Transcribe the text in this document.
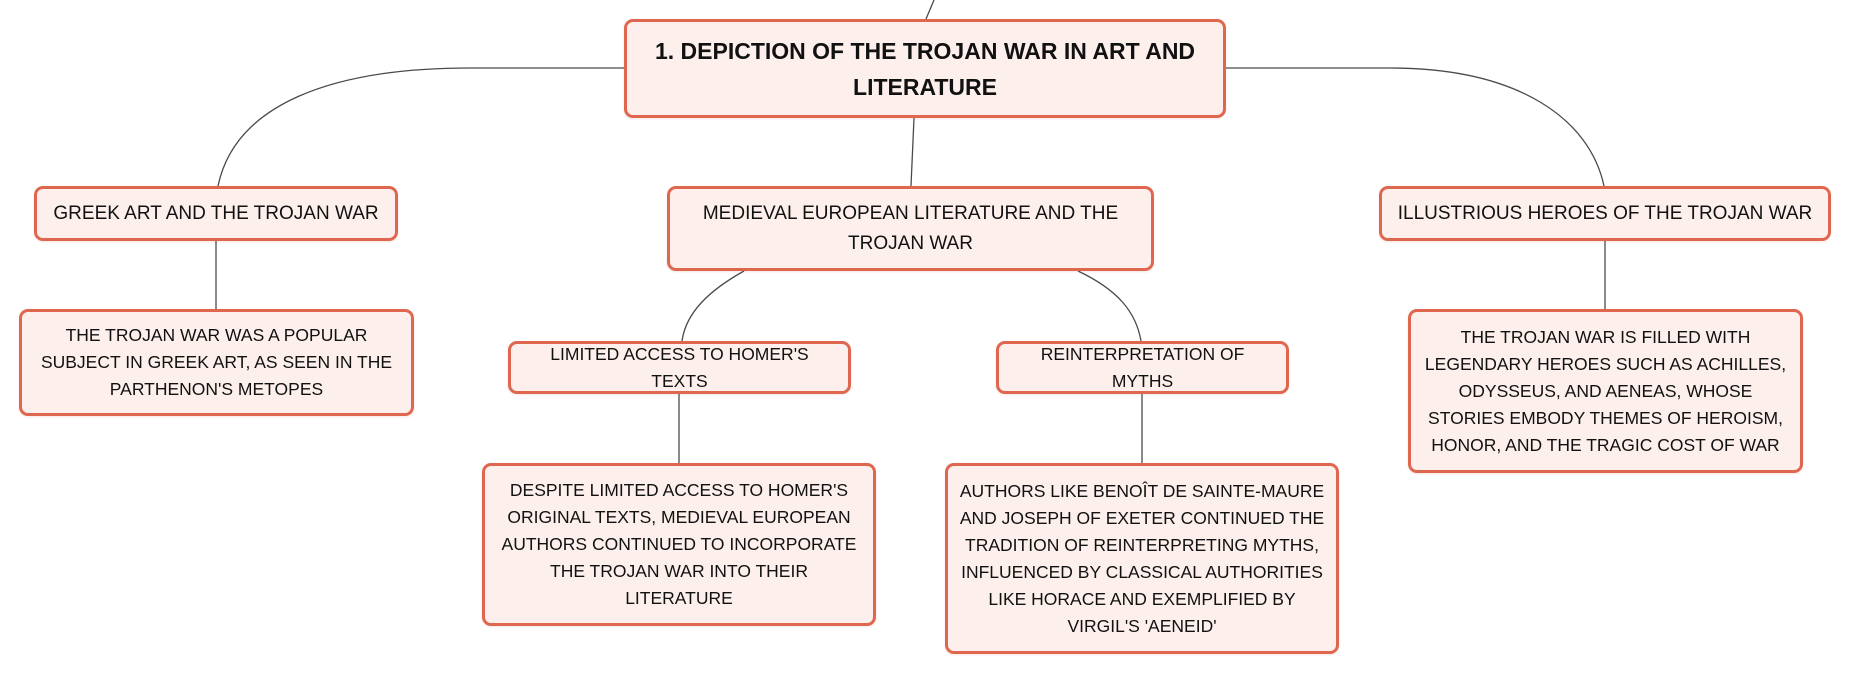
1. DEPICTION OF THE TROJAN WAR IN ART AND LITERATURE
GREEK ART AND THE TROJAN WAR	MEDIEVAL EUROPEAN LITERATURE AND THE TROJAN WAR
ILLUSTRIOUS HEROES OF THE TROJAN WAR
THE TROJAN WAR WAS A POPULAR SUBJECT IN GREEK ART, AS SEEN IN THE PARTHENON'S METOPES
LIMITED ACCESS TO HOMER'S TEXTS
REINTERPRETATION OF MYTHS
THE TROJAN WAR IS FILLED WITH LEGENDARY HEROES SUCH AS ACHILLES, ODYSSEUS, AND AENEAS, WHOSE STORIES EMBODY THEMES OF HEROISM, HONOR, AND THE TRAGIC COST OF WAR
DESPITE LIMITED ACCESS TO HOMER'S ORIGINAL TEXTS, MEDIEVAL EUROPEAN AUTHORS CONTINUED TO INCORPORATE THE TROJAN WAR INTO THEIR LITERATURE
AUTHORS LIKE BENOÎT DE SAINTE-MAURE AND JOSEPH OF EXETER CONTINUED THE TRADITION OF REINTERPRETING MYTHS, INFLUENCED BY CLASSICAL AUTHORITIES LIKE HORACE AND EXEMPLIFIED BY VIRGIL'S 'AENEID'
